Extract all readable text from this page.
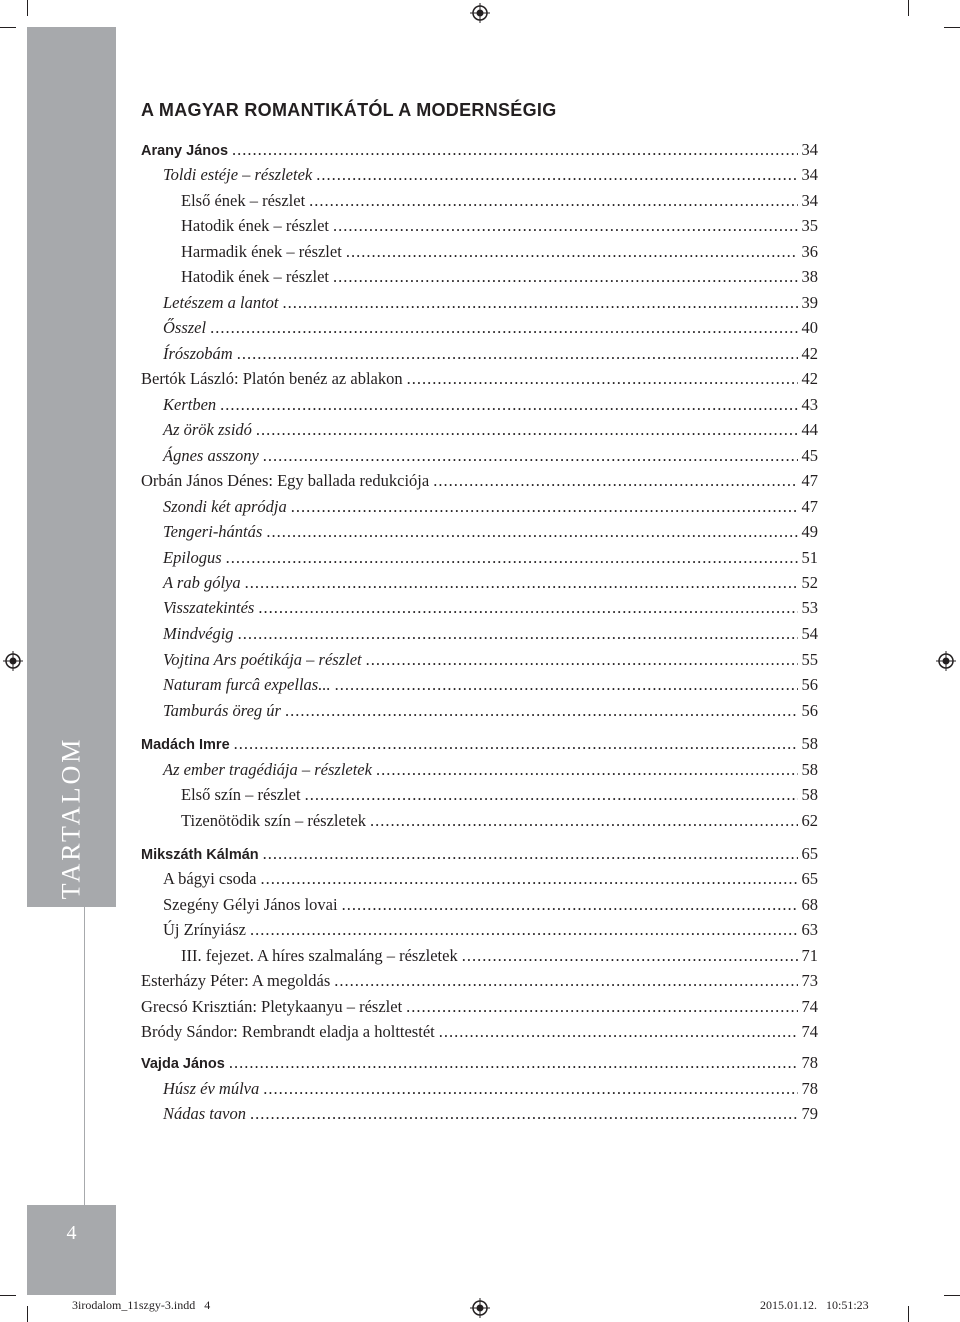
TARTALOM
4
A MAGYAR ROMANTIKÁTÓL A MODERNSÉGIG
Arany János .....	34
Toldi estéje – részletek .....	34
Első ének – részlet .....	34
Hatodik ének – részlet .....	35
Harmadik ének – részlet .....	36
Hatodik ének – részlet .....	38
Letészem a lantot .....	39
Ősszel .....	40
Írószobám .....	42
Bertók László: Platón benéz az ablakon .....	42
Kertben .....	43
Az örök zsidó .....	44
Ágnes asszony .....	45
Orbán János Dénes: Egy ballada redukciója .....	47
Szondi két apródja .....	47
Tengeri-hántás .....	49
Epilogus .....	51
A rab gólya .....	52
Visszatekintés .....	53
Mindvégig .....	54
Vojtina Ars poétikája – részlet .....	55
Naturam furcâ expellas... .....	56
Tamburás öreg úr .....	56
Madách Imre .....	58
Az ember tragédiája – részletek .....	58
Első szín – részlet .....	58
Tizenötödik szín – részletek .....	62
Mikszáth Kálmán .....	65
A bágyi csoda .....	65
Szegény Gélyi János lovai .....	68
Új Zrínyiász .....	63
III. fejezet. A híres szalmaláng – részletek .....	71
Esterházy Péter: A megoldás .....	73
Grecsó Krisztián: Pletykaanyu – részlet .....	74
Bródy Sándor: Rembrandt eladja a holttestét .....	74
Vajda János .....	78
Húsz év múlva .....	78
Nádas tavon .....	79
3irodalom_11szgy-3.indd   4	2015.01.12.   10:51:23
